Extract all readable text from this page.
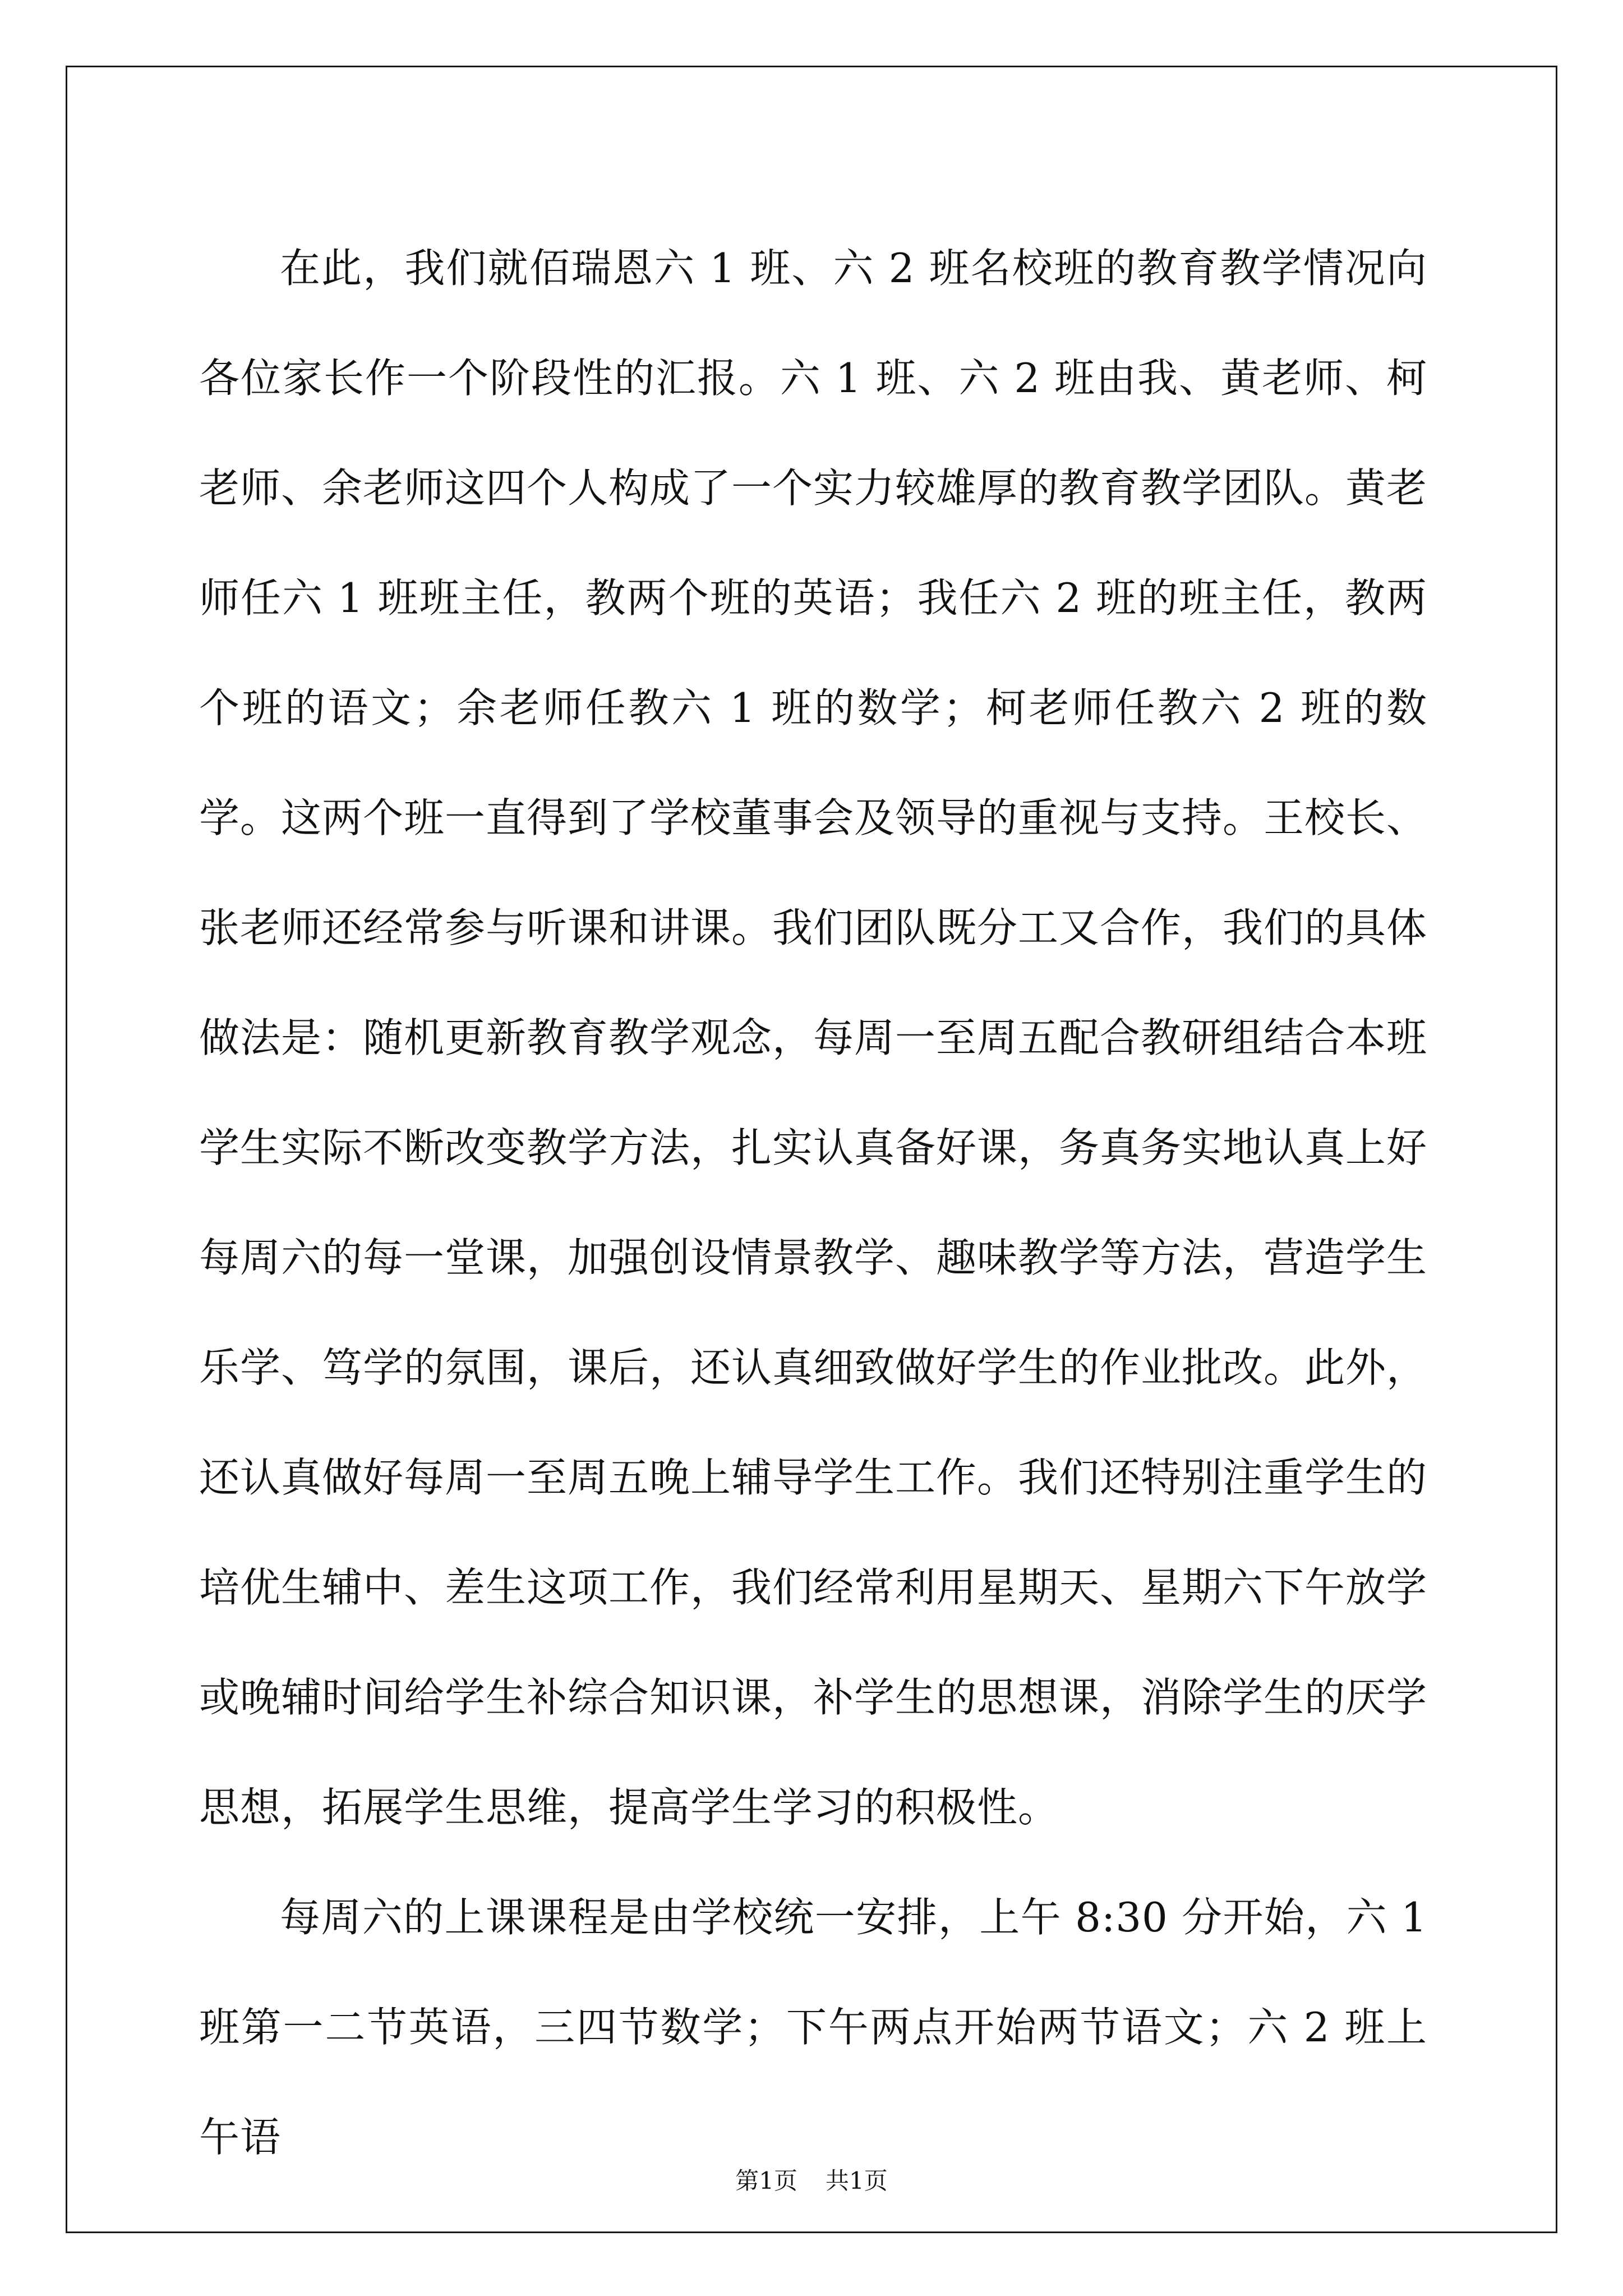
在此，我们就佰瑞恩六 1 班、六 2 班名校班的教育教学情况向各位家长作一个阶段性的汇报。六 1 班、六 2 班由我、黄老师、柯老师、余老师这四个人构成了一个实力较雄厚的教育教学团队。黄老师任六 1 班班主任，教两个班的英语；我任六 2 班的班主任，教两个班的语文；余老师任教六 1 班的数学；柯老师任教六 2 班的数学。这两个班一直得到了学校董事会及领导的重视与支持。王校长、张老师还经常参与听课和讲课。我们团队既分工又合作，我们的具体做法是：随机更新教育教学观念，每周一至周五配合教研组结合本班学生实际不断改变教学方法，扎实认真备好课，务真务实地认真上好每周六的每一堂课，加强创设情景教学、趣味教学等方法，营造学生乐学、笃学的氛围，课后，还认真细致做好学生的作业批改。此外，还认真做好每周一至周五晚上辅导学生工作。我们还特别注重学生的培优生辅中、差生这项工作，我们经常利用星期天、星期六下午放学或晚辅时间给学生补综合知识课，补学生的思想课，消除学生的厌学思想，拓展学生思维，提高学生学习的积极性。

每周六的上课课程是由学校统一安排，上午 8:30 分开始，六 1 班第一二节英语，三四节数学；下午两点开始两节语文；六 2 班上午语

第1页 共1页
